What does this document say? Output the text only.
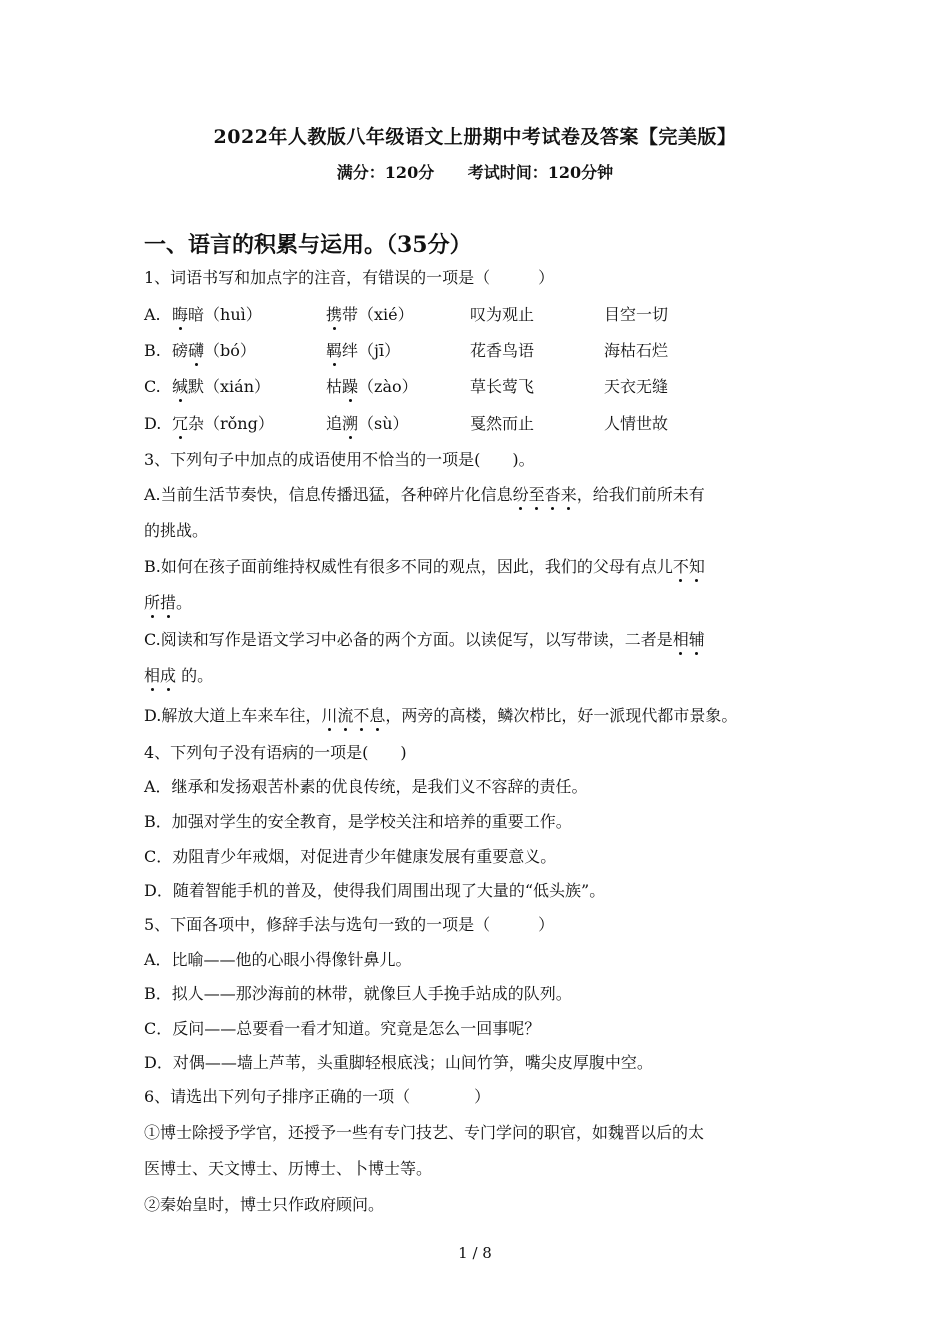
2022年人教版八年级语文上册期中考试卷及答案【完美版】
满分：120分 考试时间：120分钟
一、语言的积累与运用。（35分）
1、词语书写和加点字的注音，有错误的一项是（　　　）
A. 晦暗（huì）	携带（xié）	叹为观止	目空一切
B. 磅礴（bó）	羁绊（jī）	花香鸟语	海枯石烂
C. 缄默（xián）	枯躁（zào）	草长莺飞	天衣无缝
D. 冗杂（rǒng）	追溯（sù）	戛然而止	人情世故
3、下列句子中加点的成语使用不恰当的一项是(　　)。
A.当前生活节奏快，信息传播迅猛，各种碎片化信息纷至沓来，给我们前所未有
的挑战。
B.如何在孩子面前维持权威性有很多不同的观点，因此，我们的父母有点儿不知
所措。
C.阅读和写作是语文学习中必备的两个方面。以读促写，以写带读，二者是相辅
相成 的。
D.解放大道上车来车往，川流不息，两旁的高楼，鳞次栉比，好一派现代都市景象。
4、下列句子没有语病的一项是(　　)
A．继承和发扬艰苦朴素的优良传统，是我们义不容辞的责任。
B．加强对学生的安全教育，是学校关注和培养的重要工作。
C．劝阻青少年戒烟，对促进青少年健康发展有重要意义。
D．随着智能手机的普及，使得我们周围出现了大量的“低头族”。
5、下面各项中，修辞手法与选句一致的一项是（　　　）
A．比喻——他的心眼小得像针鼻儿。
B．拟人——那沙海前的林带，就像巨人手挽手站成的队列。
C．反问——总要看一看才知道。究竟是怎么一回事呢？
D．对偶——墙上芦苇，头重脚轻根底浅；山间竹笋，嘴尖皮厚腹中空。
6、请选出下列句子排序正确的一项（　　　　）
①博士除授予学官，还授予一些有专门技艺、专门学问的职官，如魏晋以后的太
医博士、天文博士、历博士、卜博士等。
②秦始皇时，博士只作政府顾问。
1 / 8
